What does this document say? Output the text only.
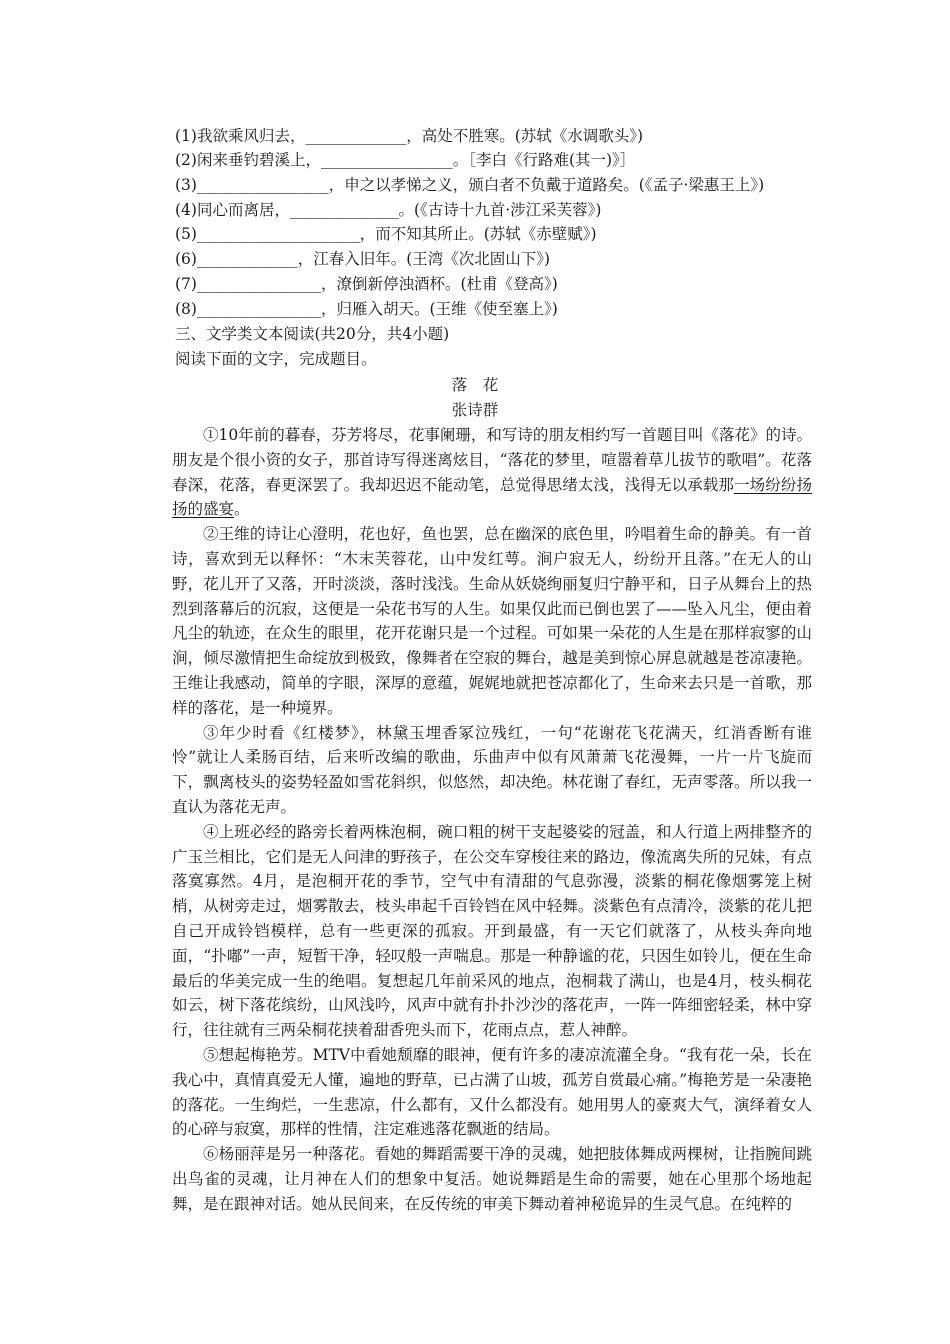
(1)我欲乘风归去，_____________，高处不胜寒。(苏轼《水调歌头》)
(2)闲来垂钓碧溪上，_________________。［李白《行路难(其一)》］
(3)_________________，申之以孝悌之义，颁白者不负戴于道路矣。(《孟子·梁惠王上》)
(4)同心而离居，______________。(《古诗十九首·涉江采芙蓉》)
(5)_____________________，而不知其所止。(苏轼《赤壁赋》)
(6)_____________，江春入旧年。(王湾《次北固山下》)
(7)________________，潦倒新停浊酒杯。(杜甫《登高》)
(8)________________，归雁入胡天。(王维《使至塞上》)
三、文学类文本阅读(共20分，共4小题)
阅读下面的文字，完成题目。
落　花
张诗群

①10年前的暮春，芬芳将尽，花事阑珊，和写诗的朋友相约写一首题目叫《落花》的诗。朋友是个很小资的女子，那首诗写得迷离炫目，“落花的梦里，喧嚣着草儿拔节的歌唱”。花落春深，花落，春更深罢了。我却迟迟不能动笔，总觉得思绪太浅，浅得无以承载那一场纷纷扬扬的盛宴。

②王维的诗让心澄明，花也好，鱼也罢，总在幽深的底色里，吟唱着生命的静美。有一首诗，喜欢到无以释怀：“木末芙蓉花，山中发红萼。涧户寂无人，纷纷开且落。”在无人的山野，花儿开了又落，开时淡淡，落时浅浅。生命从妖娆绚丽复归宁静平和，日子从舞台上的热烈到落幕后的沉寂，这便是一朵花书写的人生。如果仅此而已倒也罢了——坠入凡尘，便由着凡尘的轨迹，在众生的眼里，花开花谢只是一个过程。可如果一朵花的人生是在那样寂寥的山涧，倾尽激情把生命绽放到极致，像舞者在空寂的舞台，越是美到惊心屏息就越是苍凉凄艳。王维让我感动，简单的字眼，深厚的意蕴，娓娓地就把苍凉都化了，生命来去只是一首歌，那样的落花，是一种境界。

③年少时看《红楼梦》，林黛玉埋香冢泣残红，一句“花谢花飞花满天，红消香断有谁怜”就让人柔肠百结，后来听改编的歌曲，乐曲声中似有风萧萧飞花漫舞，一片一片飞旋而下，飘离枝头的姿势轻盈如雪花斜织，似悠然，却决绝。林花谢了春红，无声零落。所以我一直认为落花无声。

④上班必经的路旁长着两株泡桐，碗口粗的树干支起婆娑的冠盖，和人行道上两排整齐的广玉兰相比，它们是无人问津的野孩子，在公交车穿梭往来的路边，像流离失所的兄妹，有点落寞寡然。4月，是泡桐开花的季节，空气中有清甜的气息弥漫，淡紫的桐花像烟雾笼上树梢，从树旁走过，烟雾散去，枝头串起千百铃铛在风中轻舞。淡紫色有点清冷，淡紫的花儿把自己开成铃铛模样，总有一些更深的孤寂。开到最盛，有一天它们就落了，从枝头奔向地面，“扑嘟”一声，短暂干净，轻叹般一声喘息。那是一种静谧的花，只因生如铃儿，便在生命最后的华美完成一生的绝唱。复想起几年前采风的地点，泡桐栽了满山，也是4月，枝头桐花如云，树下落花缤纷，山风浅吟，风声中就有扑扑沙沙的落花声，一阵一阵细密轻柔，林中穿行，往往就有三两朵桐花挟着甜香兜头而下，花雨点点，惹人神醉。

⑤想起梅艳芳。MTV中看她颓靡的眼神，便有许多的凄凉流灌全身。“我有花一朵，长在我心中，真情真爱无人懂，遍地的野草，已占满了山坡，孤芳自赏最心痛。”梅艳芳是一朵凄艳的落花。一生绚烂，一生悲凉，什么都有，又什么都没有。她用男人的豪爽大气，演绎着女人的心碎与寂寞，那样的性情，注定难逃落花飘逝的结局。

⑥杨丽萍是另一种落花。看她的舞蹈需要干净的灵魂，她把肢体舞成两棵树，让指腕间跳出鸟雀的灵魂，让月神在人们的想象中复活。她说舞蹈是生命的需要，她在心里那个场地起舞，是在跟神对话。她从民间来，在反传统的审美下舞动着神秘诡异的生灵气息。在纯粹的
